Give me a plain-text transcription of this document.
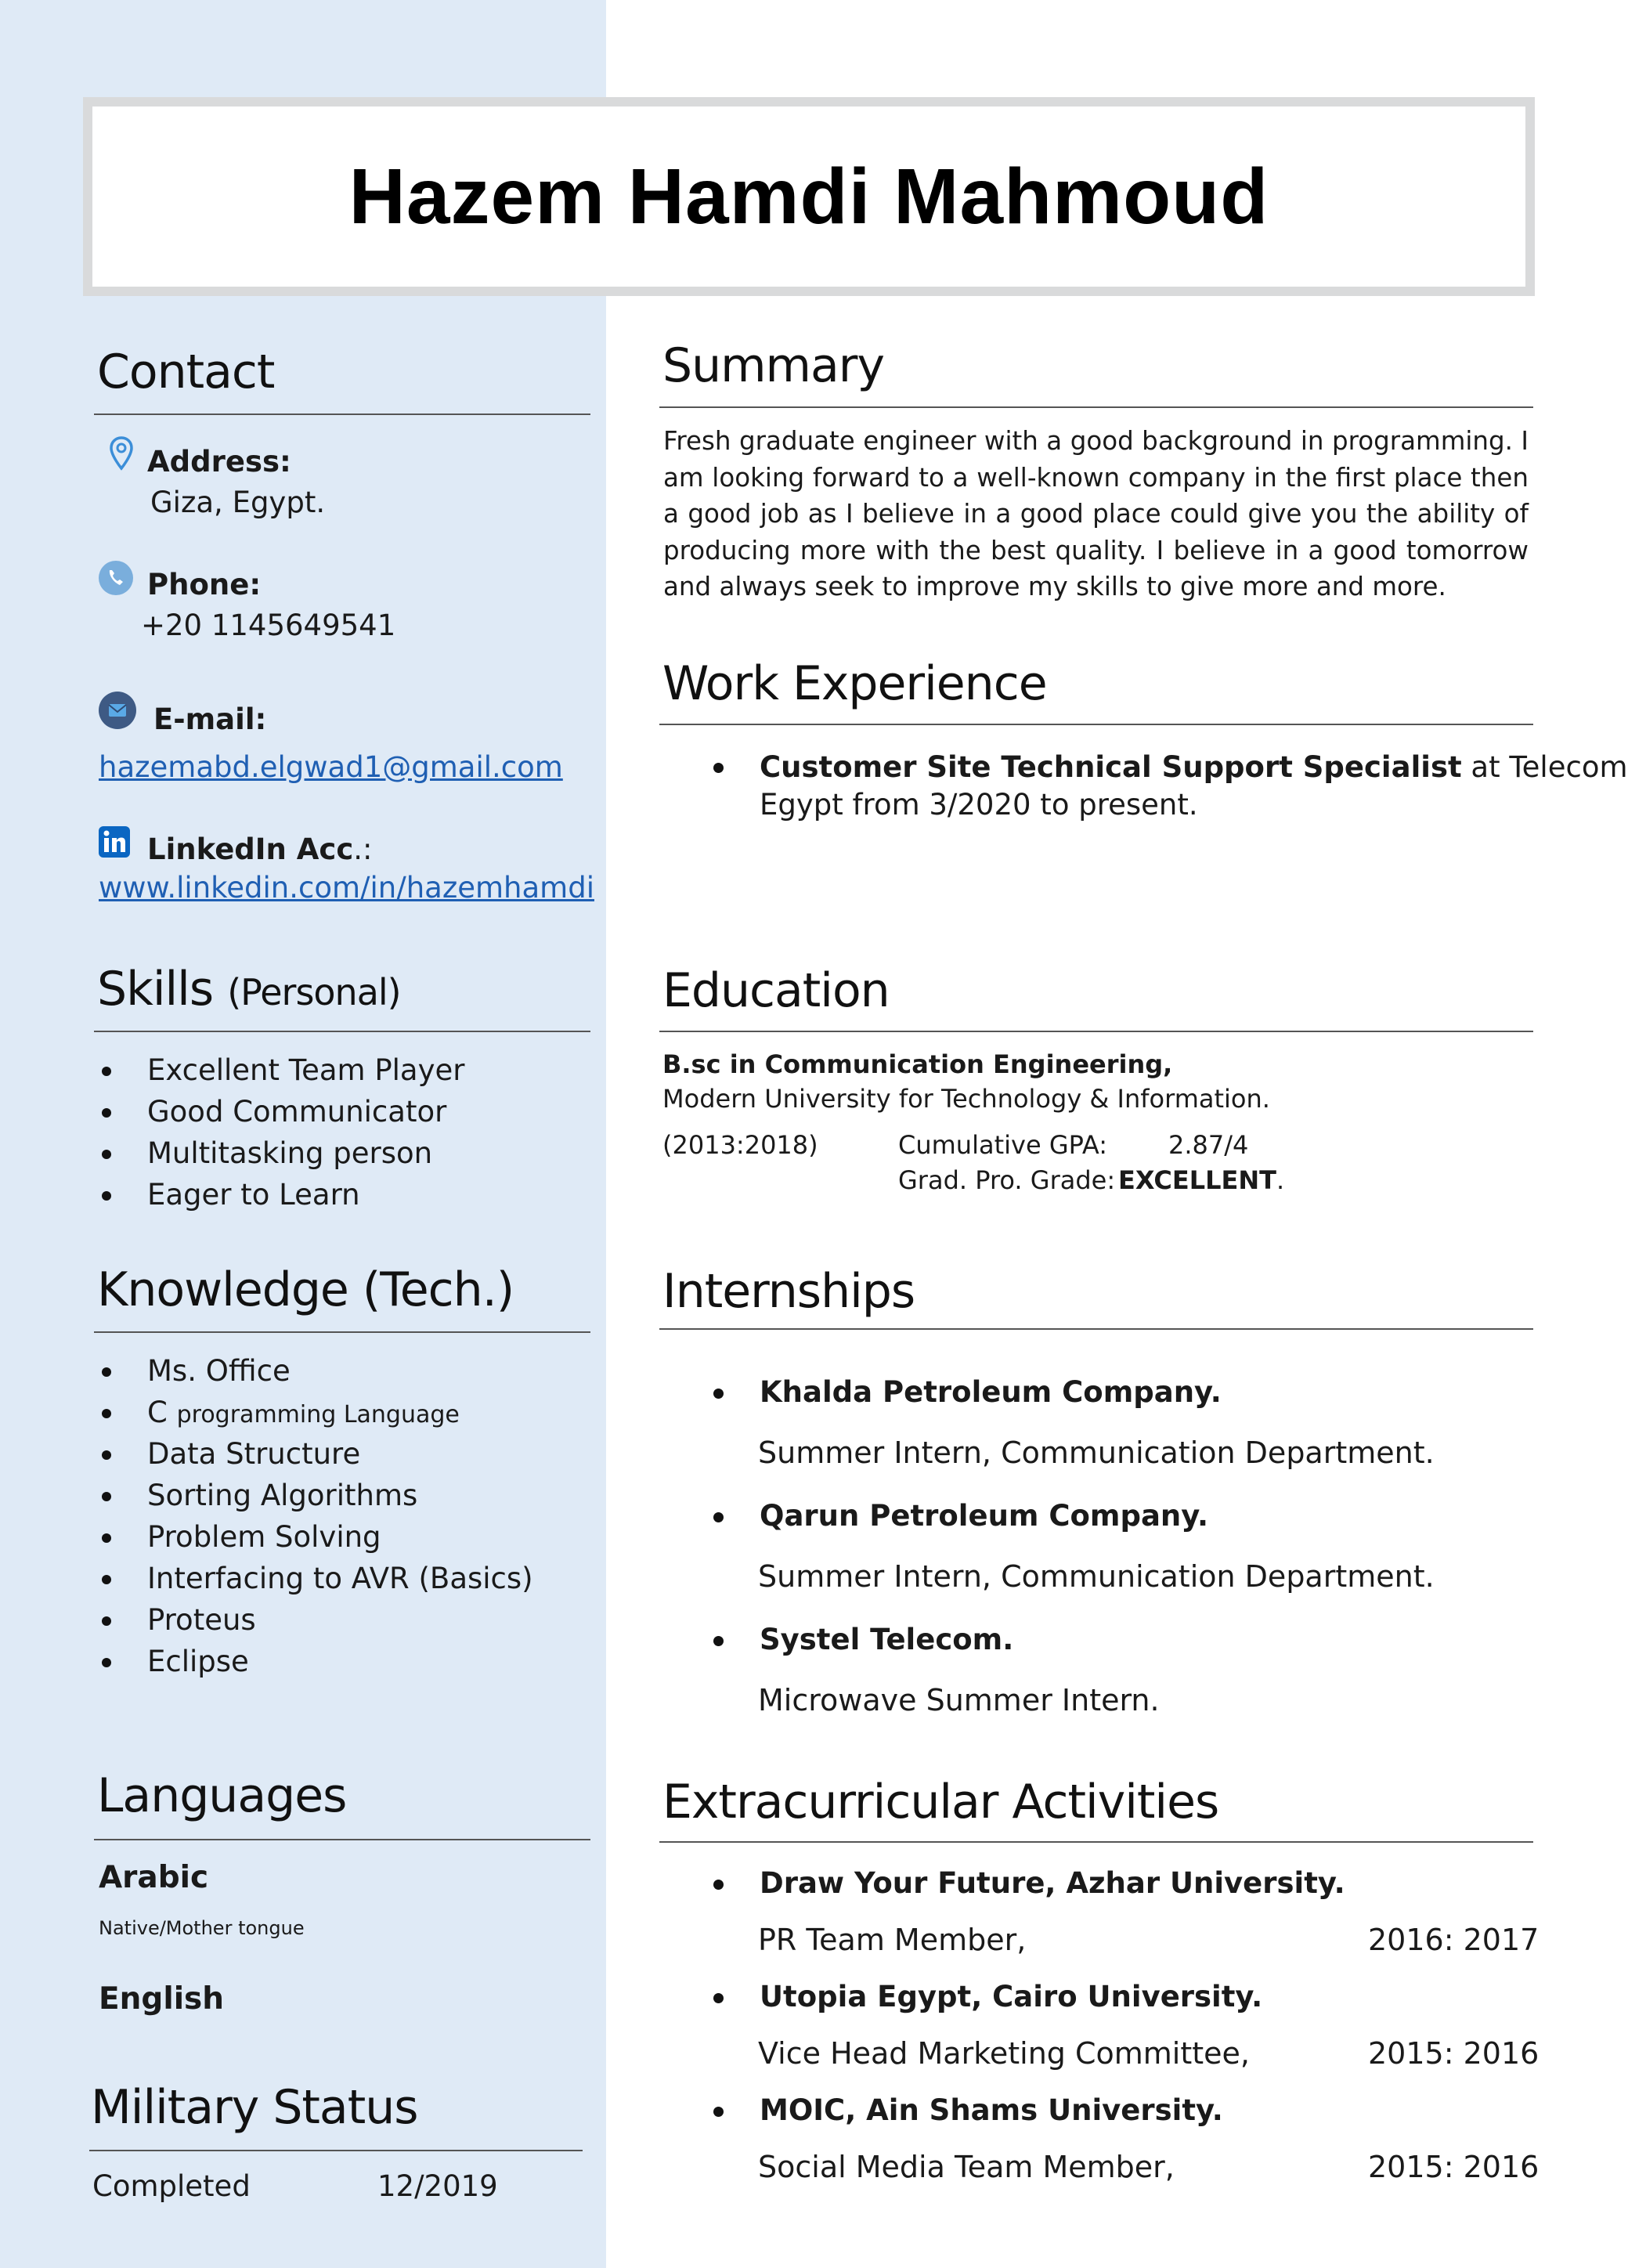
Hazem Hamdi Mahmoud
Contact
Address:
Giza, Egypt.
Phone:
+20 1145649541
E-mail:
hazemabd.elgwad1@gmail.com
LinkedIn Acc.:
www.linkedin.com/in/hazemhamdi
Skills (Personal)
Excellent Team Player
Good Communicator
Multitasking person
Eager to Learn
Knowledge (Tech.)
Ms. Office
C programming Language
Data Structure
Sorting Algorithms
Problem Solving
Interfacing to AVR (Basics)
Proteus
Eclipse
Languages
Arabic
Native/Mother tongue
English
Military Status
Completed	12/2019
Summary

Fresh graduate engineer with a good background in programming. I am looking forward to a well-known company in the first place then a good job as I believe in a good place could give you the ability of producing more with the best quality. I believe in a good tomorrow and always seek to improve my skills to give more and more.

Work Experience
Customer Site Technical Support Specialist at Telecom
Egypt from 3/2020 to present.
Education
B.sc in Communication Engineering,
Modern University for Technology & Information.
(2013:2018)	Cumulative GPA: 2.87/4
Grad. Pro. Grade: EXCELLENT.
Internships
Khalda Petroleum Company.
Summer Intern, Communication Department.
Qarun Petroleum Company.
Summer Intern, Communication Department.
Systel Telecom.
Microwave Summer Intern.
Extracurricular Activities
Draw Your Future, Azhar University.
PR Team Member,	2016: 2017
Utopia Egypt, Cairo University.
Vice Head Marketing Committee,	2015: 2016
MOIC, Ain Shams University.
Social Media Team Member,	2015: 2016
